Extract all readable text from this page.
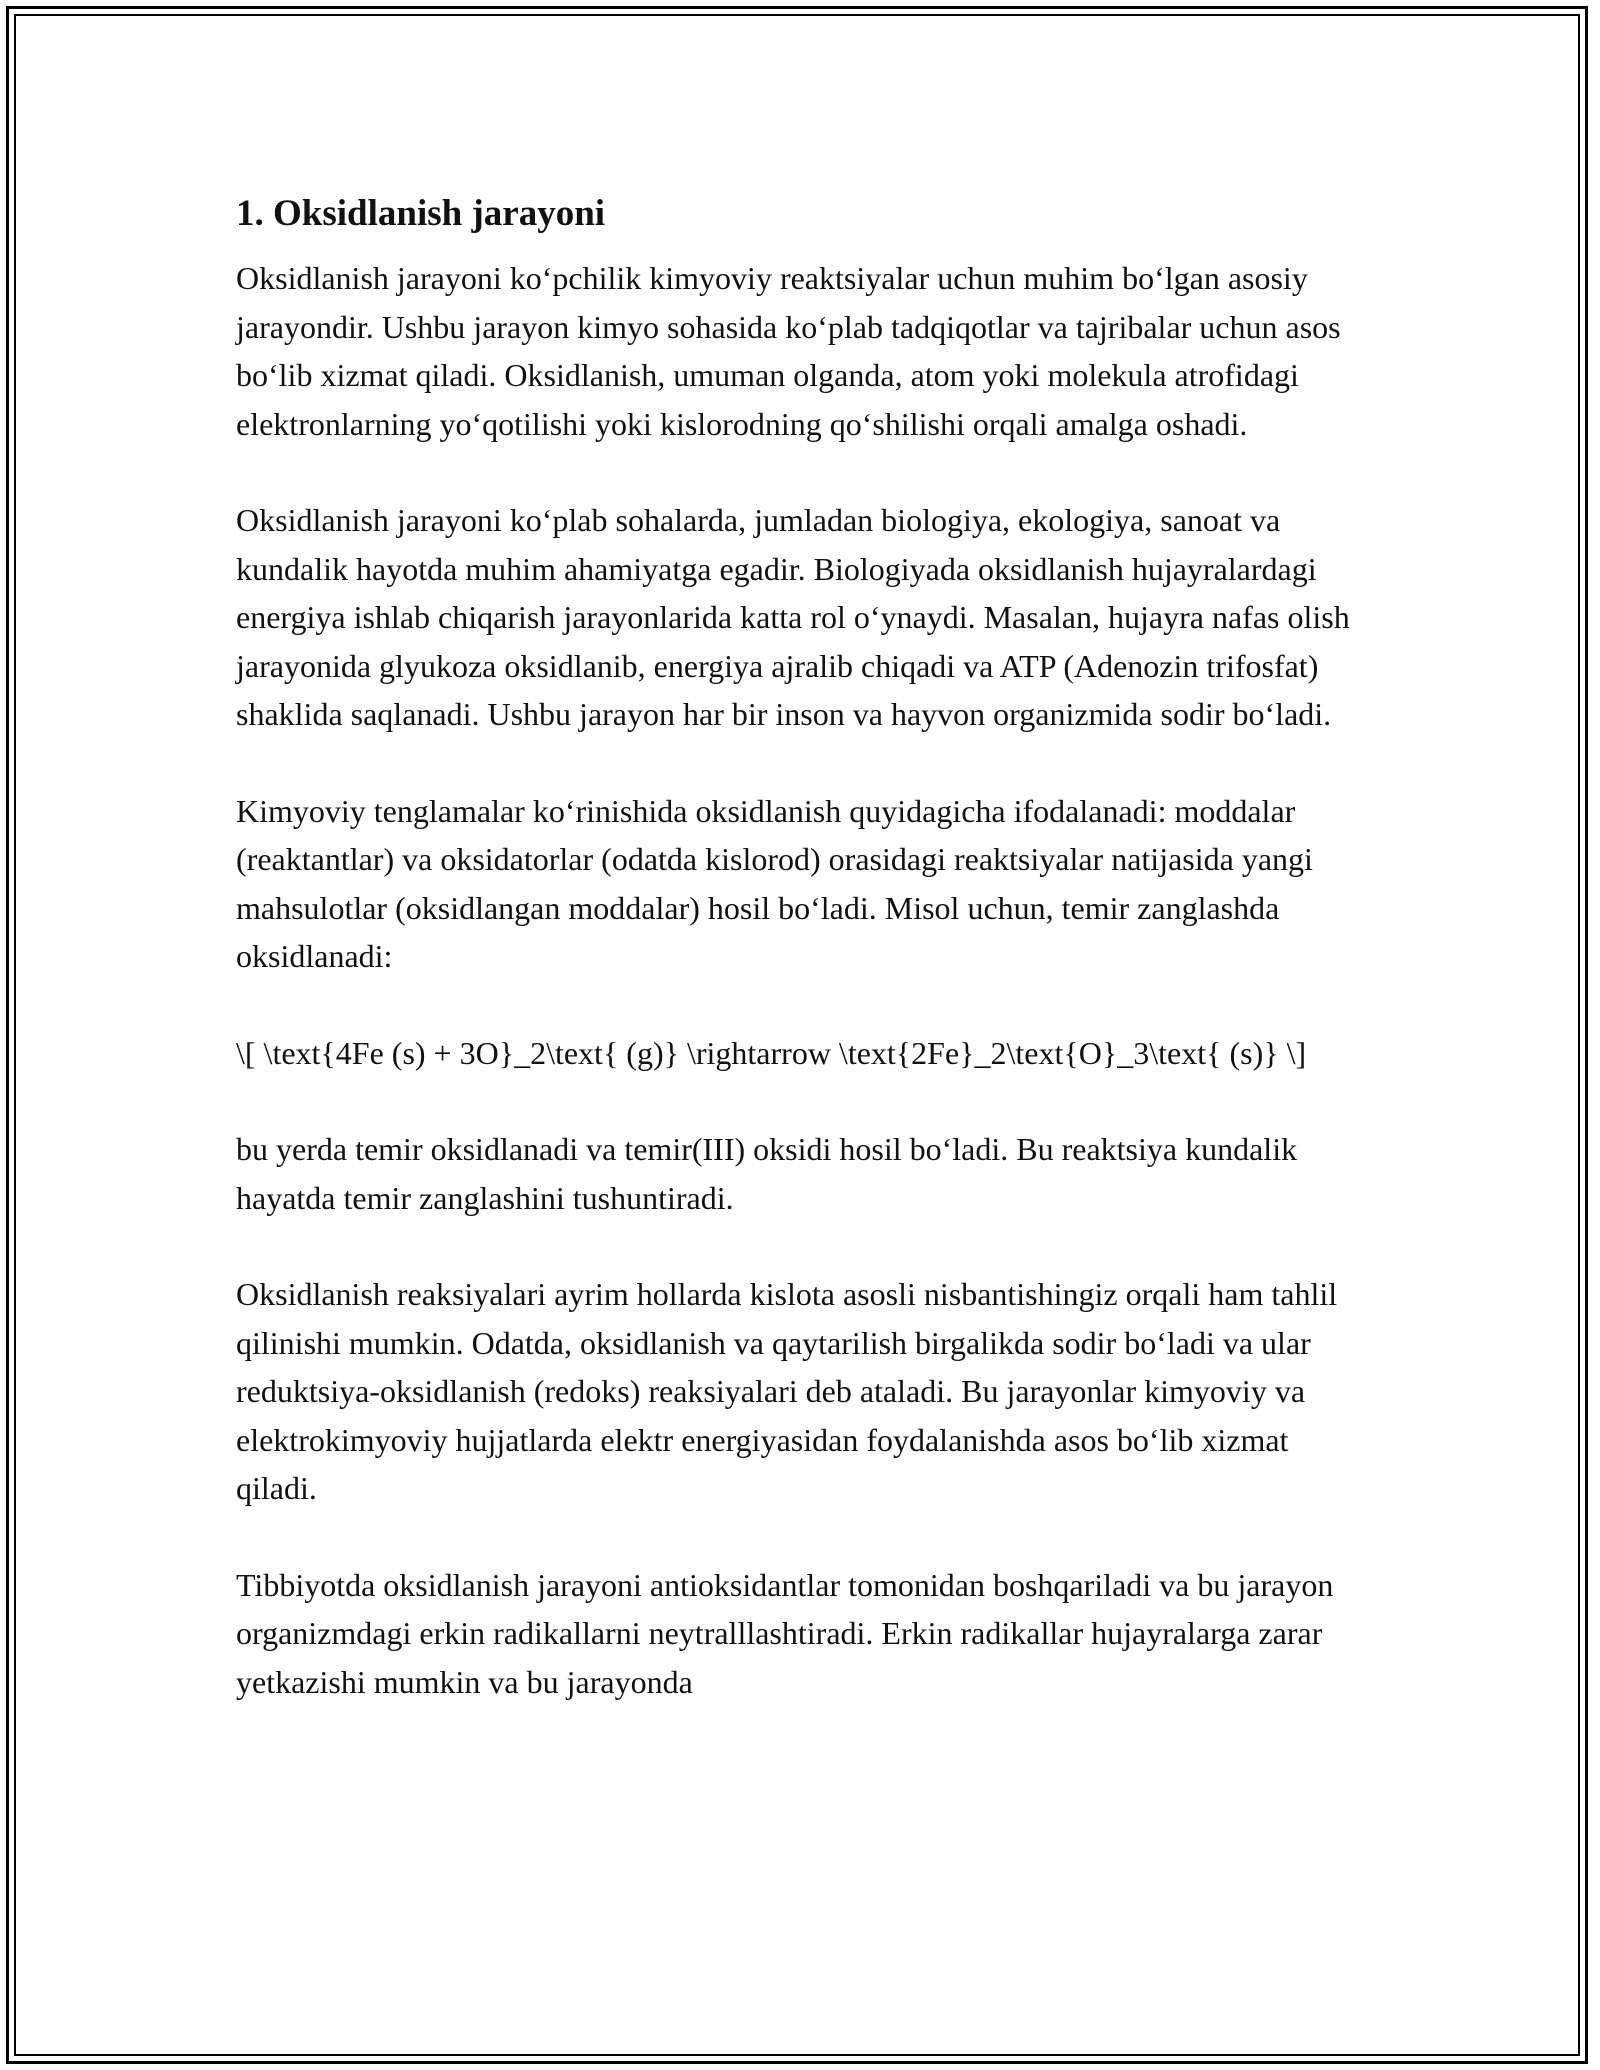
1. Oksidlanish jarayoni

Oksidlanish jarayoni ko‘pchilik kimyoviy reaktsiyalar uchun muhim bo‘lgan asosiy jarayondir. Ushbu jarayon kimyo sohasida ko‘plab tadqiqotlar va tajribalar uchun asos bo‘lib xizmat qiladi. Oksidlanish, umuman olganda, atom yoki molekula atrofidagi elektronlarning yo‘qotilishi yoki kislorodning qo‘shilishi orqali amalga oshadi.

Oksidlanish jarayoni ko‘plab sohalarda, jumladan biologiya, ekologiya, sanoat va kundalik hayotda muhim ahamiyatga egadir. Biologiyada oksidlanish hujayralardagi energiya ishlab chiqarish jarayonlarida katta rol o‘ynaydi. Masalan, hujayra nafas olish jarayonida glyukoza oksidlanib, energiya ajralib chiqadi va ATP (Adenozin trifosfat) shaklida saqlanadi. Ushbu jarayon har bir inson va hayvon organizmida sodir bo‘ladi.

Kimyoviy tenglamalar ko‘rinishida oksidlanish quyidagicha ifodalanadi: moddalar (reaktantlar) va oksidatorlar (odatda kislorod) orasidagi reaktsiyalar natijasida yangi mahsulotlar (oksidlangan moddalar) hosil bo‘ladi. Misol uchun, temir zanglashda oksidlanadi:

\[ \text{4Fe (s) + 3O}_2\text{ (g)} \rightarrow \text{2Fe}_2\text{O}_3\text{ (s)} \]

bu yerda temir oksidlanadi va temir(III) oksidi hosil bo‘ladi. Bu reaktsiya kundalik hayatda temir zanglashini tushuntiradi.

Oksidlanish reaksiyalari ayrim hollarda kislota asosli nisbantishingiz orqali ham tahlil qilinishi mumkin. Odatda, oksidlanish va qaytarilish birgalikda sodir bo‘ladi va ular reduktsiya-oksidlanish (redoks) reaksiyalari deb ataladi. Bu jarayonlar kimyoviy va elektrokimyoviy hujjatlarda elektr energiyasidan foydalanishda asos bo‘lib xizmat qiladi.

Tibbiyotda oksidlanish jarayoni antioksidantlar tomonidan boshqariladi va bu jarayon organizmdagi erkin radikallarni neytralllashtiradi. Erkin radikallar hujayralarga zarar yetkazishi mumkin va bu jarayonda
